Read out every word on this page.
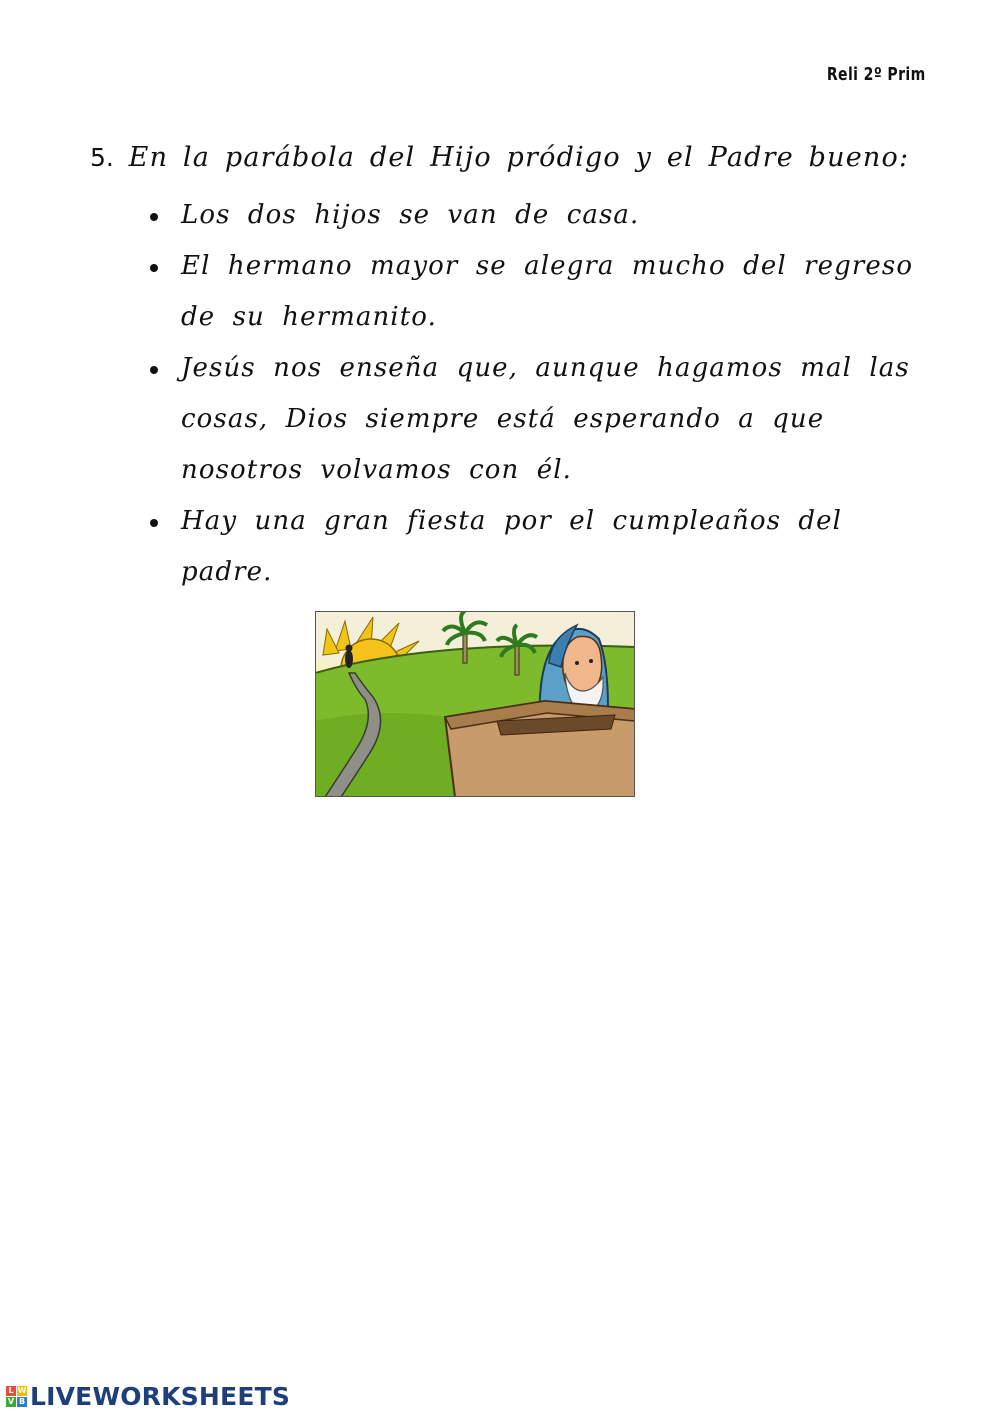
Reli 2º Prim
5. En la parábola del Hijo pródigo y el Padre bueno:
Los dos hijos se van de casa.
El hermano mayor se alegra mucho del regreso de su hermanito.
Jesús nos enseña que, aunque hagamos mal las cosas, Dios siempre está esperando a que nosotros volvamos con él.
Hay una gran fiesta por el cumpleaños del padre.
L W
V B LIVEWORKSHEETS
